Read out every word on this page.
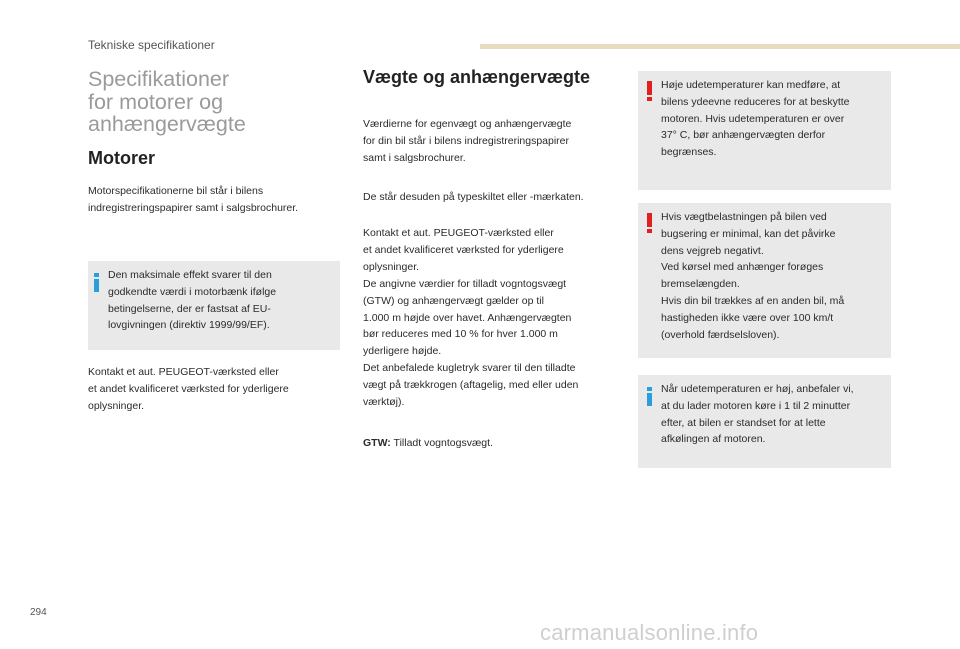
Tekniske specifikationer
Specifikationer
for motorer og
anhængervægte
Motorer
Motorspecifikationerne bil står i bilens
indregistreringspapirer samt i salgsbrochurer.
Den maksimale effekt svarer til den
godkendte værdi i motorbænk ifølge
betingelserne, der er fastsat af EU-
lovgivningen (direktiv 1999/99/EF).
Kontakt et aut. PEUGEOT-værksted eller
et andet kvalificeret værksted for yderligere
oplysninger.
Vægte og anhængervægte
Værdierne for egenvægt og anhængervægte
for din bil står i bilens indregistreringspapirer
samt i salgsbrochurer.
De står desuden på typeskiltet eller -mærkaten.
Kontakt et aut. PEUGEOT-værksted eller
et andet kvalificeret værksted for yderligere
oplysninger.
De angivne værdier for tilladt vogntogsvægt
(GTW) og anhængervægt gælder op til
1.000 m højde over havet. Anhængervægten
bør reduceres med 10 % for hver 1.000 m
yderligere højde.
Det anbefalede kugletryk svarer til den tilladte
vægt på trækkrogen (aftagelig, med eller uden
værktøj).
GTW: Tilladt vogntogsvægt.
Høje udetemperaturer kan medføre, at
bilens ydeevne reduceres for at beskytte
motoren. Hvis udetemperaturen er over
37° C, bør anhængervægten derfor
begrænses.
Hvis vægtbelastningen på bilen ved
bugsering er minimal, kan det påvirke
dens vejgreb negativt.
Ved kørsel med anhænger forøges
bremselængden.
Hvis din bil trækkes af en anden bil, må
hastigheden ikke være over 100 km/t
(overhold færdselsloven).
Når udetemperaturen er høj, anbefaler vi,
at du lader motoren køre i 1 til 2 minutter
efter, at bilen er standset for at lette
afkølingen af motoren.
294
carmanualsonline.info
